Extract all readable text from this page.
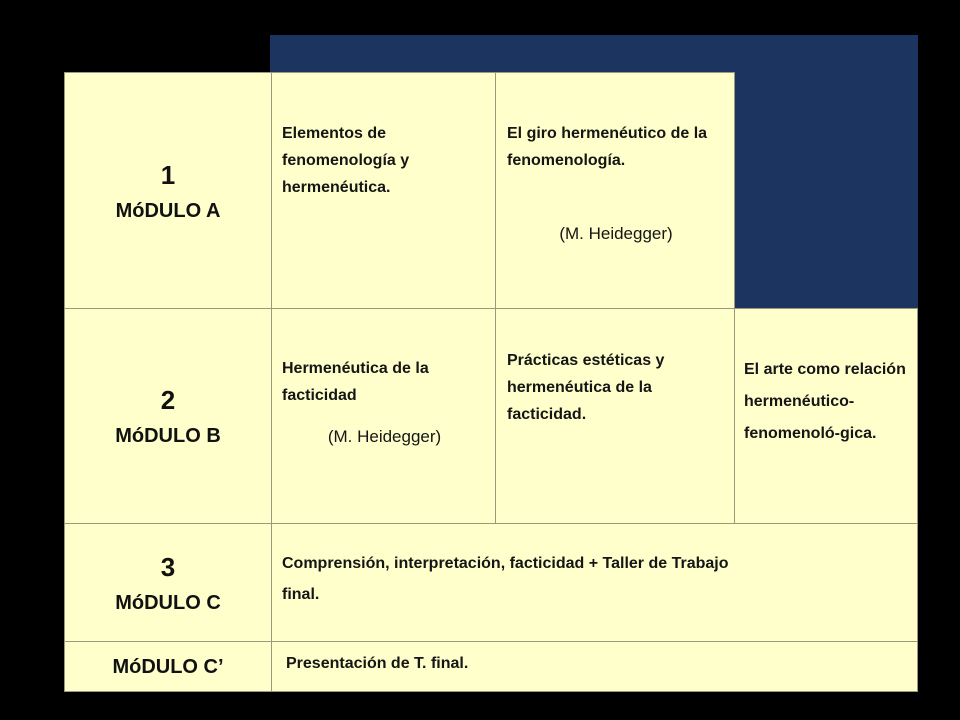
1
MóDULO A
Elementos de fenomenología y hermenéutica.
El giro hermenéutico de la fenomenología.
(M. Heidegger)
2
MóDULO B
Hermenéutica de la facticidad
(M. Heidegger)
Prácticas estéticas y hermenéutica de la facticidad.
El arte como relación hermenéutico-fenomenoló-gica.
3
MóDULO C
Comprensión, interpretación, facticidad + Taller de Trabajo final.
MóDULO C’	Presentación de T. final.
